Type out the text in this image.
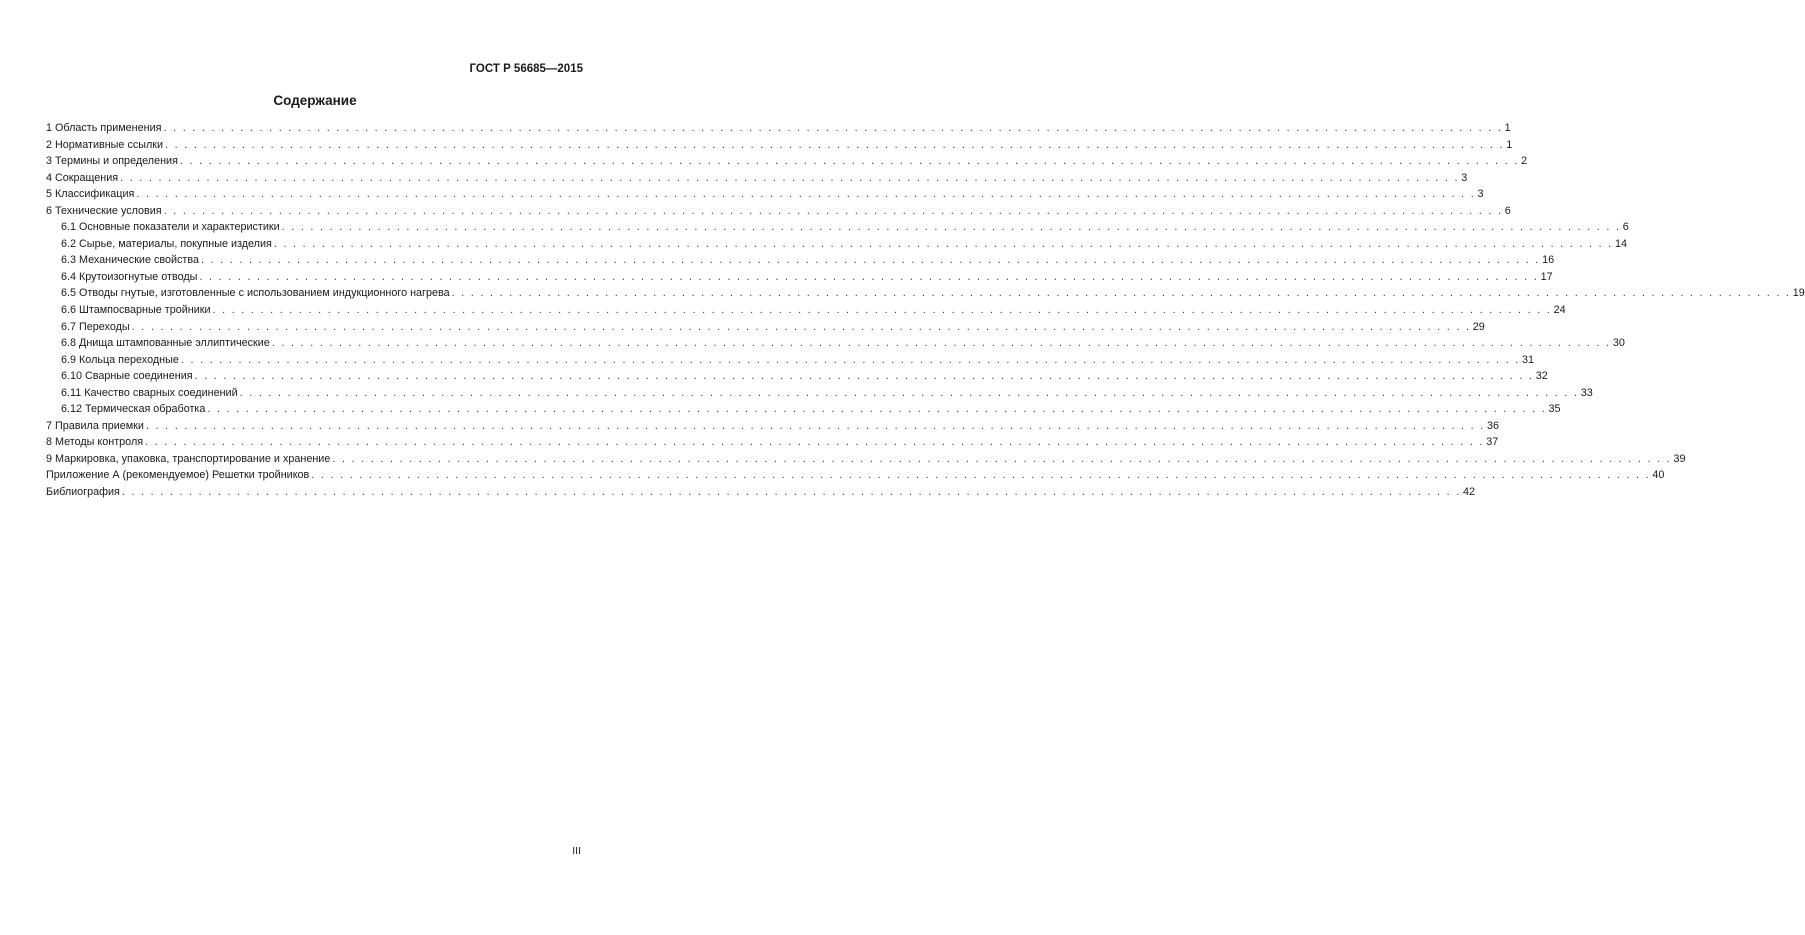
ГОСТ Р 56685—2015
Содержание
1 Область применения . . . . . . . . . . . . . . . . . . . . . . . . . . . . . . . . . . . . . . . . . . . . . . . . . . . . . . . . . . . . . . . . . . . . . . . . . . . . . . . . . . . . . . . . . . . . . . . . . . . . . . . . . . . . . . . . . . . . . . . . . . . . . . . . . . . . . . . . . . . . 1
2 Нормативные ссылки . . . . . . . . . . . . . . . . . . . . . . . . . . . . . . . . . . . . . . . . . . . . . . . . . . . . . . . . . . . . . . . . . . . . . . . . . . . . . . . . . . . . . . . . . . . . . . . . . . . . . . . . . . . . . . . . . . . . . . . . . . . . . . . . . . . . . . . . . . . . 1
3 Термины и определения . . . . . . . . . . . . . . . . . . . . . . . . . . . . . . . . . . . . . . . . . . . . . . . . . . . . . . . . . . . . . . . . . . . . . . . . . . . . . . . . . . . . . . . . . . . . . . . . . . . . . . . . . . . . . . . . . . . . . . . . . . . . . . . . . . . . . . . . . . . . 2
4 Сокращения . . . . . . . . . . . . . . . . . . . . . . . . . . . . . . . . . . . . . . . . . . . . . . . . . . . . . . . . . . . . . . . . . . . . . . . . . . . . . . . . . . . . . . . . . . . . . . . . . . . . . . . . . . . . . . . . . . . . . . . . . . . . . . . . . . . . . . . . . . . . 3
5 Классификация . . . . . . . . . . . . . . . . . . . . . . . . . . . . . . . . . . . . . . . . . . . . . . . . . . . . . . . . . . . . . . . . . . . . . . . . . . . . . . . . . . . . . . . . . . . . . . . . . . . . . . . . . . . . . . . . . . . . . . . . . . . . . . . . . . . . . . . . . . . . 3
6 Технические условия . . . . . . . . . . . . . . . . . . . . . . . . . . . . . . . . . . . . . . . . . . . . . . . . . . . . . . . . . . . . . . . . . . . . . . . . . . . . . . . . . . . . . . . . . . . . . . . . . . . . . . . . . . . . . . . . . . . . . . . . . . . . . . . . . . . . . . . . . . . . 6
6.1 Основные показатели и характеристики . . . . . . . . . . . . . . . . . . . . . . . . . . . . . . . . . . . . . . . . . . . . . . . . . . . . . . . . . . . . . . . . . . . . . . . . . . . . . . . . . . . . . . . . . . . . . . . . . . . . . . . . . . . . . . . . . . . . . . . . . . . . . . . . . . . . . . . . . . . . 6
6.2 Сырье, материалы, покупные изделия . . . . . . . . . . . . . . . . . . . . . . . . . . . . . . . . . . . . . . . . . . . . . . . . . . . . . . . . . . . . . . . . . . . . . . . . . . . . . . . . . . . . . . . . . . . . . . . . . . . . . . . . . . . . . . . . . . . . . . . . . . . . . . . . . . . . . . . . . . . . 14
6.3 Механические свойства . . . . . . . . . . . . . . . . . . . . . . . . . . . . . . . . . . . . . . . . . . . . . . . . . . . . . . . . . . . . . . . . . . . . . . . . . . . . . . . . . . . . . . . . . . . . . . . . . . . . . . . . . . . . . . . . . . . . . . . . . . . . . . . . . . . . . . . . . . . . 16
6.4 Крутоизогнутые отводы . . . . . . . . . . . . . . . . . . . . . . . . . . . . . . . . . . . . . . . . . . . . . . . . . . . . . . . . . . . . . . . . . . . . . . . . . . . . . . . . . . . . . . . . . . . . . . . . . . . . . . . . . . . . . . . . . . . . . . . . . . . . . . . . . . . . . . . . . . . . 17
6.5 Отводы гнутые, изготовленные с использованием индукционного нагрева . . . . . . . . . . . . . . . . . . . . . . . . . . . . . . . . . . . . . . . . . . . . . . . . . . . . . . . . . . . . . . . . . . . . . . . . . . . . . . . . . . . . . . . . . . . . . . . . . . . . . . . . . . . . . . . . . . . . . . . . . . . . . . . . . . . . . . . . . . . . 19
6.6 Штампосварные тройники . . . . . . . . . . . . . . . . . . . . . . . . . . . . . . . . . . . . . . . . . . . . . . . . . . . . . . . . . . . . . . . . . . . . . . . . . . . . . . . . . . . . . . . . . . . . . . . . . . . . . . . . . . . . . . . . . . . . . . . . . . . . . . . . . . . . . . . . . . . . 24
6.7 Переходы . . . . . . . . . . . . . . . . . . . . . . . . . . . . . . . . . . . . . . . . . . . . . . . . . . . . . . . . . . . . . . . . . . . . . . . . . . . . . . . . . . . . . . . . . . . . . . . . . . . . . . . . . . . . . . . . . . . . . . . . . . . . . . . . . . . . . . . . . . . . 29
6.8 Днища штампованные эллиптические . . . . . . . . . . . . . . . . . . . . . . . . . . . . . . . . . . . . . . . . . . . . . . . . . . . . . . . . . . . . . . . . . . . . . . . . . . . . . . . . . . . . . . . . . . . . . . . . . . . . . . . . . . . . . . . . . . . . . . . . . . . . . . . . . . . . . . . . . . . . 30
6.9 Кольца переходные . . . . . . . . . . . . . . . . . . . . . . . . . . . . . . . . . . . . . . . . . . . . . . . . . . . . . . . . . . . . . . . . . . . . . . . . . . . . . . . . . . . . . . . . . . . . . . . . . . . . . . . . . . . . . . . . . . . . . . . . . . . . . . . . . . . . . . . . . . . . 31
6.10 Сварные соединения . . . . . . . . . . . . . . . . . . . . . . . . . . . . . . . . . . . . . . . . . . . . . . . . . . . . . . . . . . . . . . . . . . . . . . . . . . . . . . . . . . . . . . . . . . . . . . . . . . . . . . . . . . . . . . . . . . . . . . . . . . . . . . . . . . . . . . . . . . . . 32
6.11 Качество сварных соединений . . . . . . . . . . . . . . . . . . . . . . . . . . . . . . . . . . . . . . . . . . . . . . . . . . . . . . . . . . . . . . . . . . . . . . . . . . . . . . . . . . . . . . . . . . . . . . . . . . . . . . . . . . . . . . . . . . . . . . . . . . . . . . . . . . . . . . . . . . . . 33
6.12 Термическая обработка . . . . . . . . . . . . . . . . . . . . . . . . . . . . . . . . . . . . . . . . . . . . . . . . . . . . . . . . . . . . . . . . . . . . . . . . . . . . . . . . . . . . . . . . . . . . . . . . . . . . . . . . . . . . . . . . . . . . . . . . . . . . . . . . . . . . . . . . . . . . 35
7 Правила приемки . . . . . . . . . . . . . . . . . . . . . . . . . . . . . . . . . . . . . . . . . . . . . . . . . . . . . . . . . . . . . . . . . . . . . . . . . . . . . . . . . . . . . . . . . . . . . . . . . . . . . . . . . . . . . . . . . . . . . . . . . . . . . . . . . . . . . . . . . . . . 36
8 Методы контроля . . . . . . . . . . . . . . . . . . . . . . . . . . . . . . . . . . . . . . . . . . . . . . . . . . . . . . . . . . . . . . . . . . . . . . . . . . . . . . . . . . . . . . . . . . . . . . . . . . . . . . . . . . . . . . . . . . . . . . . . . . . . . . . . . . . . . . . . . . . . 37
9 Маркировка, упаковка, транспортирование и хранение . . . . . . . . . . . . . . . . . . . . . . . . . . . . . . . . . . . . . . . . . . . . . . . . . . . . . . . . . . . . . . . . . . . . . . . . . . . . . . . . . . . . . . . . . . . . . . . . . . . . . . . . . . . . . . . . . . . . . . . . . . . . . . . . . . . . . . . . . . . . 39
Приложение А (рекомендуемое) Решетки тройников . . . . . . . . . . . . . . . . . . . . . . . . . . . . . . . . . . . . . . . . . . . . . . . . . . . . . . . . . . . . . . . . . . . . . . . . . . . . . . . . . . . . . . . . . . . . . . . . . . . . . . . . . . . . . . . . . . . . . . . . . . . . . . . . . . . . . . . . . . . . 40
Библиография . . . . . . . . . . . . . . . . . . . . . . . . . . . . . . . . . . . . . . . . . . . . . . . . . . . . . . . . . . . . . . . . . . . . . . . . . . . . . . . . . . . . . . . . . . . . . . . . . . . . . . . . . . . . . . . . . . . . . . . . . . . . . . . . . . . . . . . . . . . . 42
III
